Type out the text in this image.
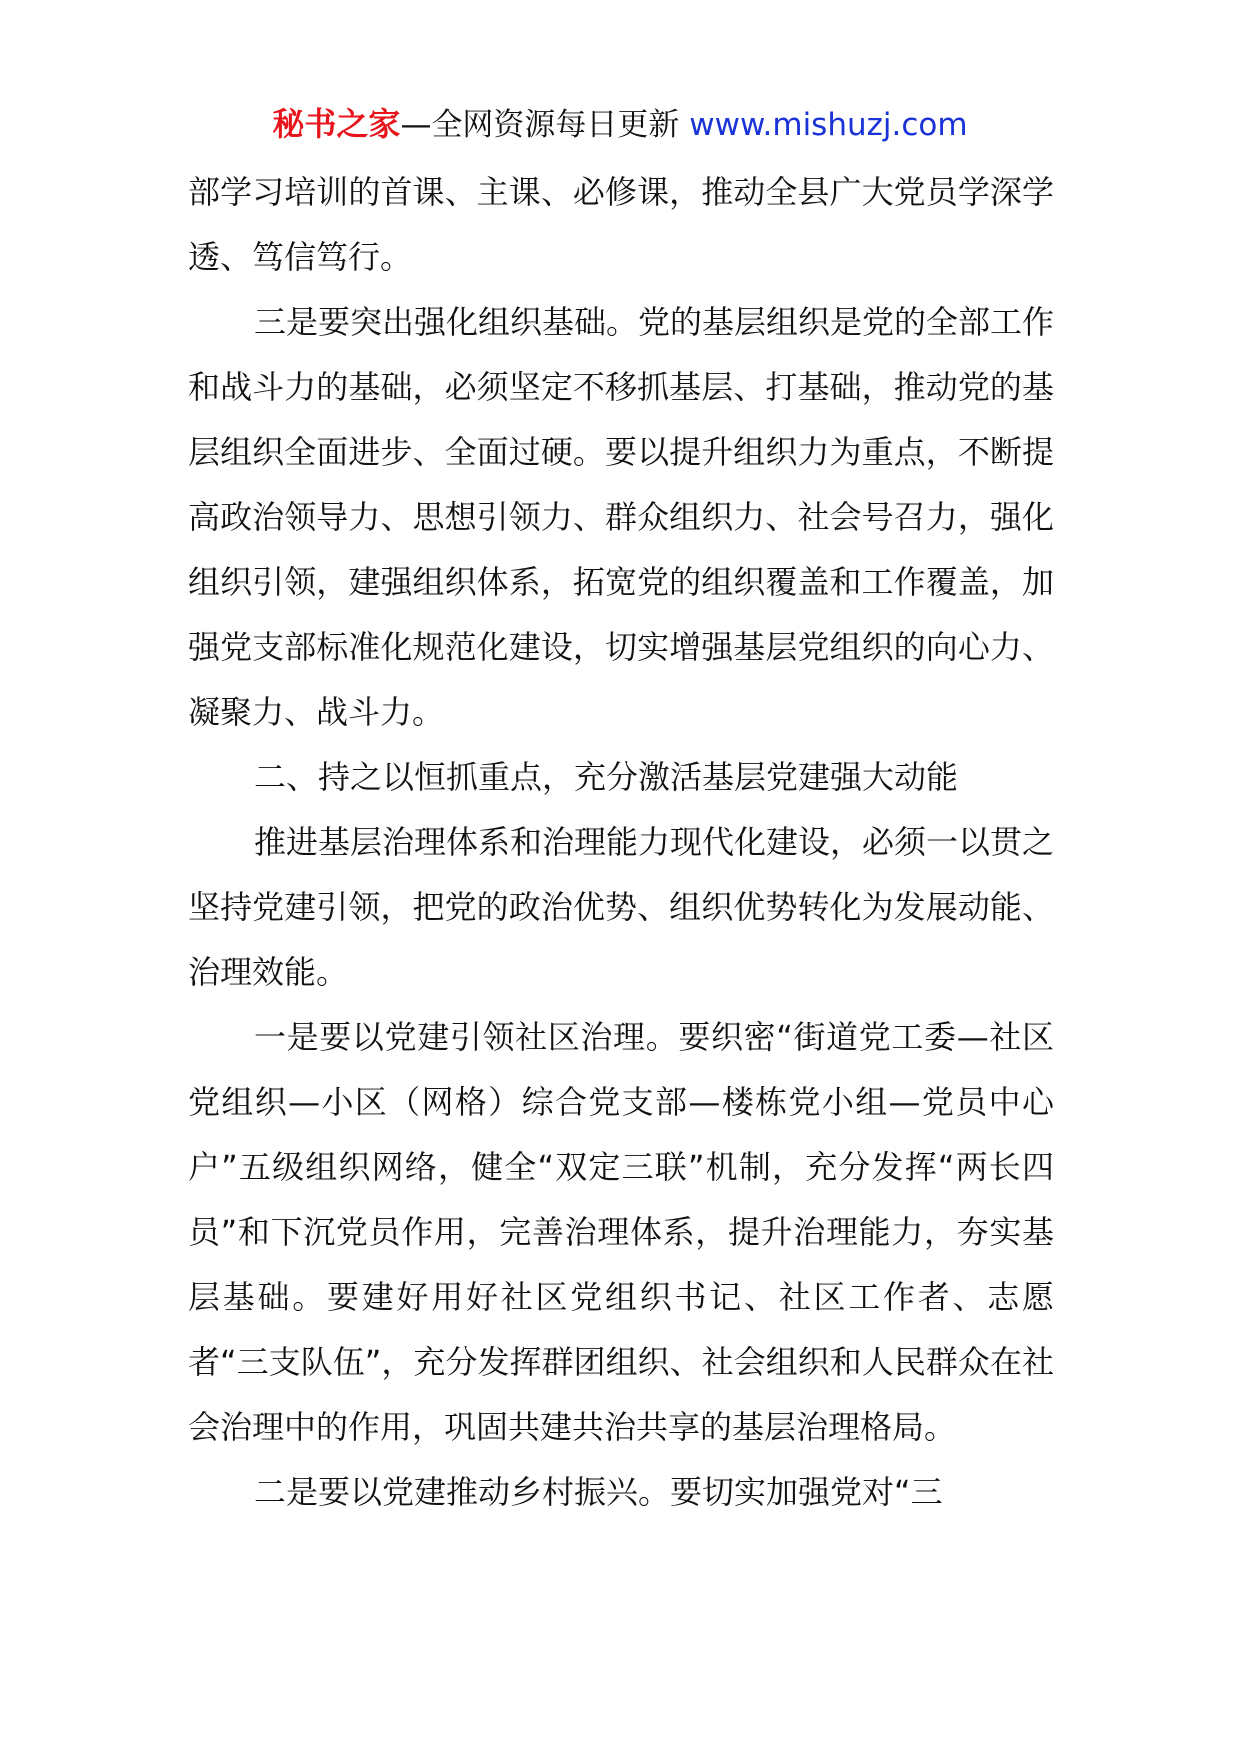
秘书之家—全网资源每日更新 www.mishuzj.com

部学习培训的首课、主课、必修课，推动全县广大党员学深学透、笃信笃行。

三是要突出强化组织基础。党的基层组织是党的全部工作和战斗力的基础，必须坚定不移抓基层、打基础，推动党的基层组织全面进步、全面过硬。要以提升组织力为重点，不断提高政治领导力、思想引领力、群众组织力、社会号召力，强化组织引领，建强组织体系，拓宽党的组织覆盖和工作覆盖，加强党支部标准化规范化建设，切实增强基层党组织的向心力、凝聚力、战斗力。

二、持之以恒抓重点，充分激活基层党建强大动能

推进基层治理体系和治理能力现代化建设，必须一以贯之坚持党建引领，把党的政治优势、组织优势转化为发展动能、治理效能。

一是要以党建引领社区治理。要织密“街道党工委—社区党组织—小区（网格）综合党支部—楼栋党小组—党员中心户”五级组织网络，健全“双定三联”机制，充分发挥“两长四员”和下沉党员作用，完善治理体系，提升治理能力，夯实基层基础。要建好用好社区党组织书记、社区工作者、志愿者“三支队伍”，充分发挥群团组织、社会组织和人民群众在社会治理中的作用，巩固共建共治共享的基层治理格局。

二是要以党建推动乡村振兴。要切实加强党对“三
